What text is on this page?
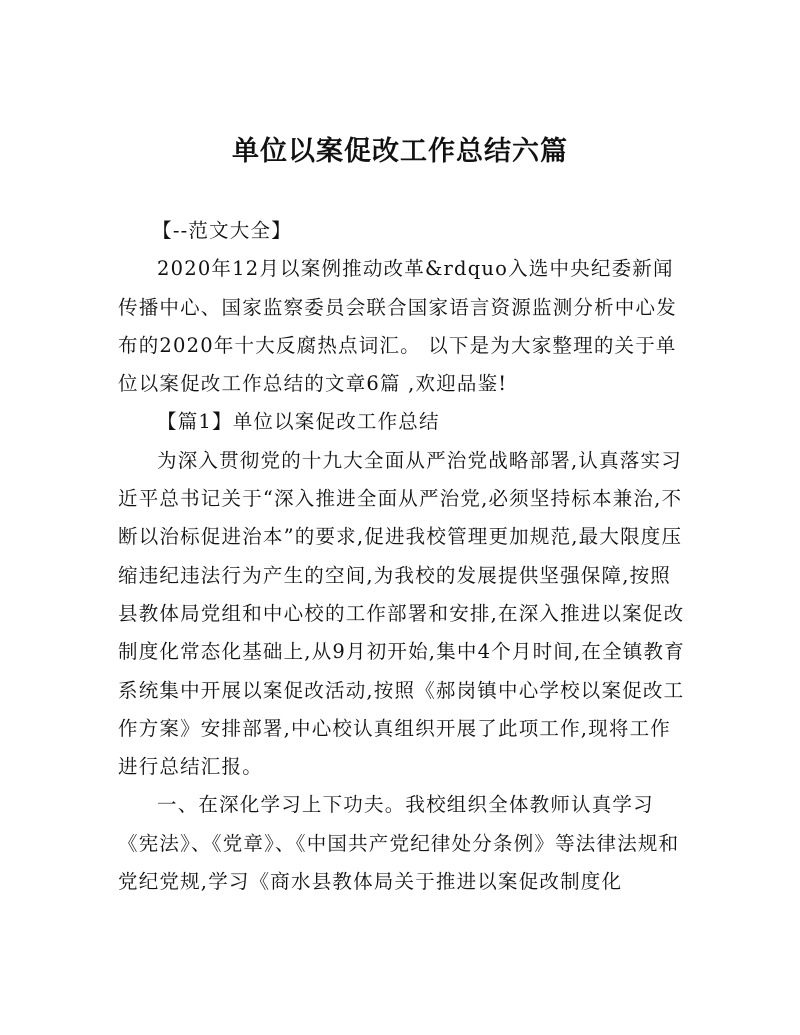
单位以案促改工作总结六篇

【--范文大全】

2020年12月以案例推动改革&rdquo入选中央纪委新闻传播中心、国家监察委员会联合国家语言资源监测分析中心发布的2020年十大反腐热点词汇。 以下是为大家整理的关于单位以案促改工作总结的文章6篇 ,欢迎品鉴!

【篇1】单位以案促改工作总结

为深入贯彻党的十九大全面从严治党战略部署,认真落实习近平总书记关于“深入推进全面从严治党,必须坚持标本兼治,不断以治标促进治本”的要求,促进我校管理更加规范,最大限度压缩违纪违法行为产生的空间,为我校的发展提供坚强保障,按照县教体局党组和中心校的工作部署和安排,在深入推进以案促改制度化常态化基础上,从9月初开始,集中4个月时间,在全镇教育系统集中开展以案促改活动,按照《郝岗镇中心学校以案促改工作方案》安排部署,中心校认真组织开展了此项工作,现将工作进行总结汇报。

一、在深化学习上下功夫。我校组织全体教师认真学习《宪法》、《党章》、《中国共产党纪律处分条例》等法律法规和党纪党规,学习《商水县教体局关于推进以案促改制度化
